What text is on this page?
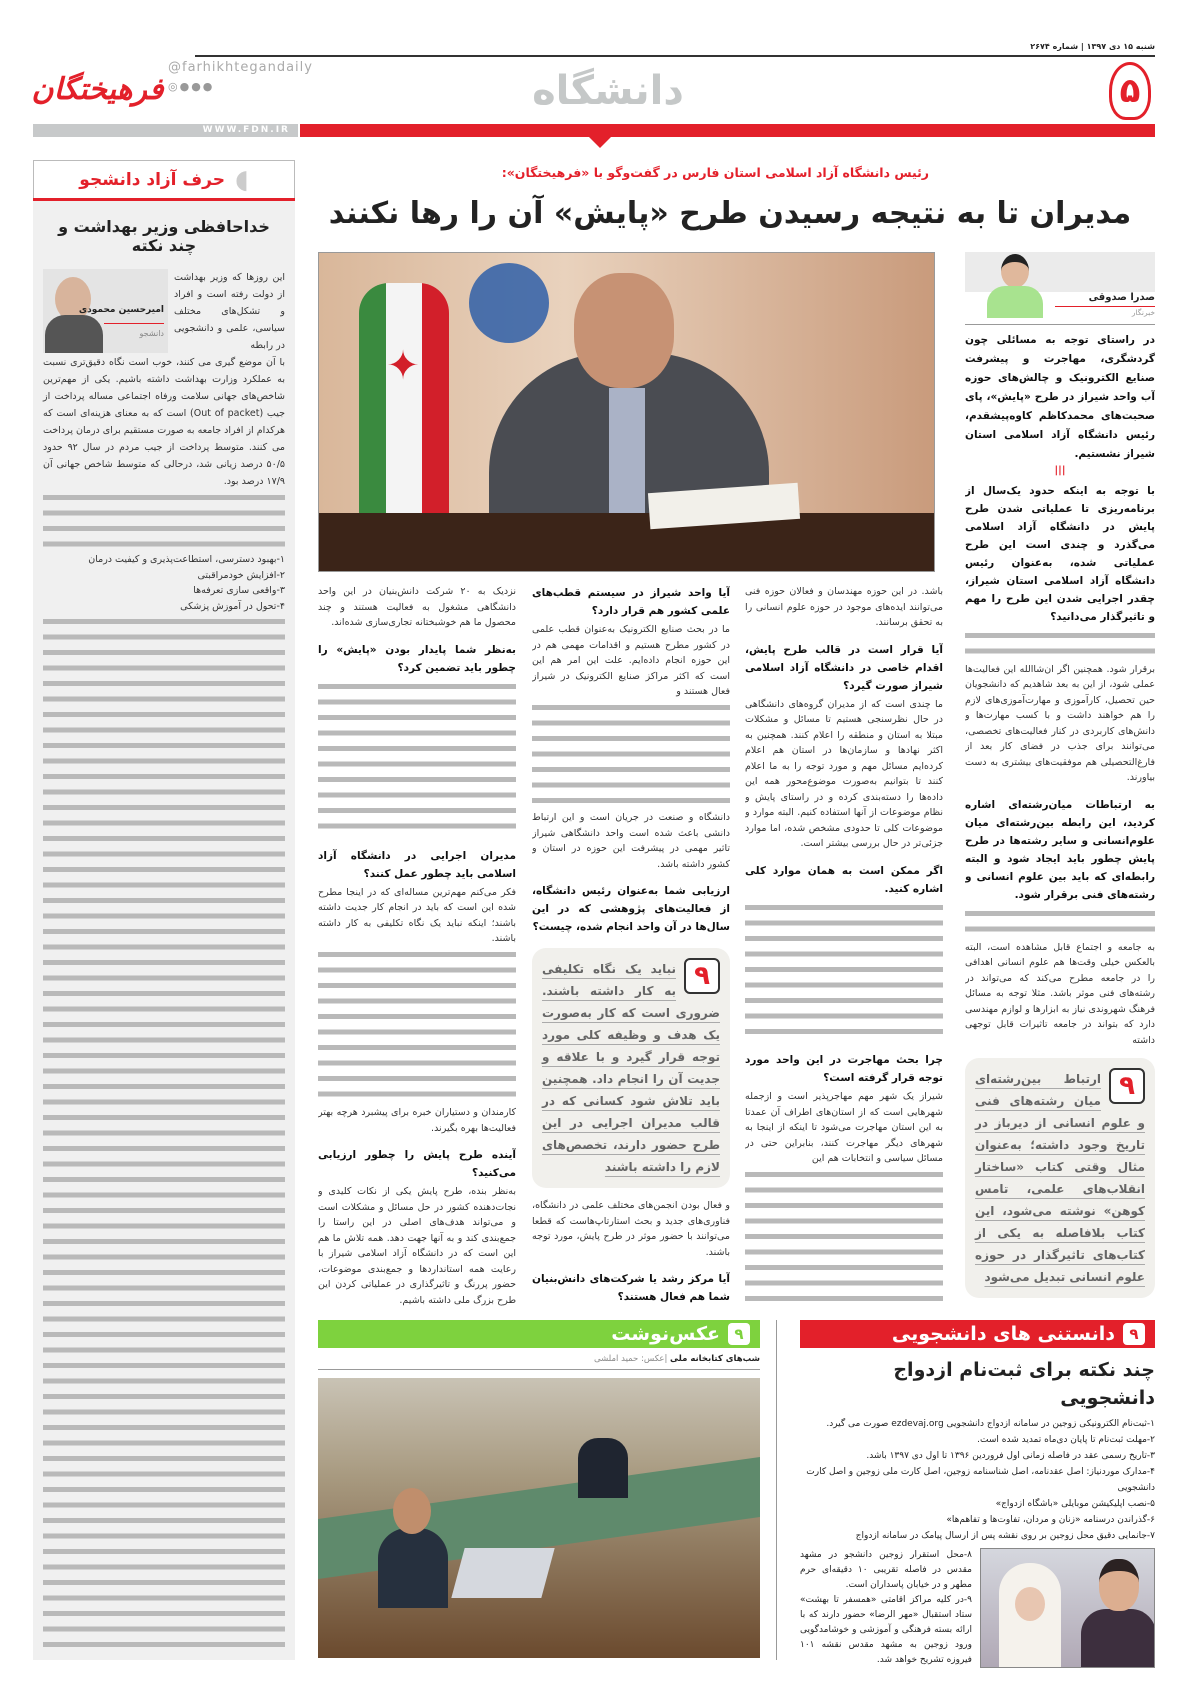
شنبه ۱۵ دی ۱۳۹۷ | شماره ۲۶۷۴
فرهیختگان
@farhikhtegandaily
◎●●●	دانشگاه	۵
WWW.FDN.IR
◖
حرف آزاد دانشجو
خداحافظی وزیر بهداشت و چند نکته
این روزها که وزیر بهداشت از دولت رفته است و افراد و تشکل‌های مختلف سیاسی، علمی و دانشجویی در رابطه
امیرحسین محمودی
دانشجو

با آن موضع گیری می کنند، خوب است نگاه دقیق‌تری نسبت به عملکرد وزارت بهداشت داشته باشیم. یکی از مهم‌ترین شاخص‌های جهانی سلامت ورفاه اجتماعی مساله پرداخت از جیب (Out of packet) است که به معنای هزینه‌ای است که هرکدام از افراد جامعه به صورت مستقیم برای درمان پرداخت می کنند. متوسط پرداخت از جیب مردم در سال ۹۲ حدود ۵۰/۵ درصد زیانی شد، درحالی که متوسط شاخص جهانی آن ۱۷/۹ درصد بود.

۱-بهبود دسترسی، استطاعت‌پذیری و کیفیت درمان
۲-افزایش خودمراقبتی
۳-واقعی سازی تعرفه‌ها
۴-تحول در آموزش پزشکی
رئیس دانشگاه آزاد اسلامی استان فارس در گفت‌وگو با «فرهیختگان»:
مدیران تا به نتیجه رسیدن طرح «پایش» آن را رها نکنند
✦
صدرا صدوقی
خبرنگار

در راستای توجه به مسائلی چون گردشگری، مهاجرت و پیشرفت صنایع الکترونیک و چالش‌های حوزه آب واحد شیراز در طرح «پایش»، پای صحبت‌های محمدکاظم کاوه‌پیشقدم، رئیس دانشگاه آزاد اسلامی استان شیراز نشستیم.

|||
با توجه به اینکه حدود یک‌سال از برنامه‌ریزی تا عملیاتی شدن طرح پایش در دانشگاه آزاد اسلامی می‌گذرد و چندی است این طرح عملیاتی شده، به‌عنوان رئیس دانشگاه آزاد اسلامی استان شیراز، چقدر اجرایی شدن این طرح را مهم و تاثیرگذار می‌دانید؟

برقرار شود. همچنین اگر ان‌شاالله این فعالیت‌ها عملی شود، از این به بعد شاهدیم که دانشجویان حین تحصیل، کارآموزی و مهارت‌آموزی‌های لازم را هم خواهند داشت و با کسب مهارت‌ها و دانش‌های کاربردی در کنار فعالیت‌های تخصصی، می‌توانند برای جذب در فضای کار بعد از فارغ‌التحصیلی هم موفقیت‌های بیشتری به دست بیاورند.

به ارتباطات میان‌رشته‌ای اشاره کردید، این رابطه بین‌رشته‌ای میان علوم‌انسانی و سایر رشته‌ها در طرح پایش چطور باید ایجاد شود و البته رابطه‌ای که باید بین علوم انسانی و رشته‌های فنی برقرار شود.

به جامعه و اجتماع قابل مشاهده است، البته بالعکس خیلی وقت‌ها هم علوم انسانی اهدافی را در جامعه مطرح می‌کند که می‌تواند در رشته‌های فنی موثر باشد. مثلا توجه به مسائل فرهنگ شهروندی نیاز به ابزارها و لوازم مهندسی دارد که بتواند در جامعه تاثیرات قابل توجهی داشته

٩
ارتباط بین‌رشته‌ای میان رشته‌های فنی و علوم انسانی از دیرباز در تاریخ وجود داشته؛ به‌عنوان مثال وقتی کتاب «ساختار انقلاب‌های علمی، تامس کوهن» نوشته می‌شود، این کتاب بلافاصله به یکی از کتاب‌های تاثیرگذار در حوزه علوم انسانی تبدیل می‌شود

باشد. در این حوزه مهندسان و فعالان حوزه فنی می‌توانند ایده‌های موجود در حوزه علوم انسانی را به تحقق برسانند.

آیا قرار است در قالب طرح پایش، اقدام خاصی در دانشگاه آزاد اسلامی شیراز صورت گیرد؟

ما چندی است که از مدیران گروه‌های دانشگاهی در حال نظرسنجی هستیم تا مسائل و مشکلات مبتلا به استان و منطقه را اعلام کنند. همچنین به اکثر نهادها و سازمان‌ها در استان هم اعلام کرده‌ایم مسائل مهم و مورد توجه را به ما اعلام کنند تا بتوانیم به‌صورت موضوع‌محور همه این داده‌ها را دسته‌بندی کرده و در راستای پایش و نظام موضوعات از آنها استفاده کنیم. البته موارد و موضوعات کلی تا حدودی مشخص شده، اما موارد جزئی‌تر در حال بررسی بیشتر است.

اگر ممکن است به همان موارد کلی اشاره کنید.
چرا بحث مهاجرت در این واحد مورد توجه قرار گرفته است؟

شیراز یک شهر مهم مهاجرپذیر است و ازجمله شهرهایی است که از استان‌های اطراف آن عمدتا به این استان مهاجرت می‌شود تا اینکه از اینجا به شهرهای دیگر مهاجرت کنند، بنابراین حتی در مسائل سیاسی و انتخابات هم این

آیا واحد شیراز در سیستم قطب‌های علمی کشور هم قرار دارد؟

ما در بحث صنایع الکترونیک به‌عنوان قطب علمی در کشور مطرح هستیم و اقدامات مهمی هم در این حوزه انجام داده‌ایم. علت این امر هم این است که اکثر مراکز صنایع الکترونیک در شیراز فعال هستند و

دانشگاه و صنعت در جریان است و این ارتباط دانشی باعث شده است واحد دانشگاهی شیراز تاثیر مهمی در پیشرفت این حوزه در استان و کشور داشته باشد.

ارزیابی شما به‌عنوان رئیس دانشگاه، از فعالیت‌های پژوهشی که در این سال‌ها در آن واحد انجام شده، چیست؟
٩
نباید یک نگاه تکلیفی به کار داشته باشند. ضروری است که کار به‌صورت یک هدف و وظیفه کلی مورد توجه قرار گیرد و با علاقه و جدیت آن را انجام داد. همچنین باید تلاش شود کسانی که در قالب مدیران اجرایی در این طرح حضور دارند، تخصص‌های لازم را داشته باشند

و فعال بودن انجمن‌های مختلف علمی در دانشگاه، فناوری‌های جدید و بحث استارتاپ‌هاست که قطعا می‌توانند با حضور موثر در طرح پایش، مورد توجه باشند.

آیا مرکز رشد یا شرکت‌های دانش‌بنیان شما هم فعال هستند؟

نزدیک به ۲۰ شرکت دانش‌بنیان در این واحد دانشگاهی مشغول به فعالیت هستند و چند محصول ما هم خوشبختانه تجاری‌سازی شده‌اند.

به‌نظر شما پایدار بودن «پایش» را چطور باید تضمین کرد؟
مدیران اجرایی در دانشگاه آزاد اسلامی باید چطور عمل کنند؟

فکر می‌کنم مهم‌ترین مساله‌ای که در اینجا مطرح شده این است که باید در انجام کار جدیت داشته باشند؛ اینکه نباید یک نگاه تکلیفی به کار داشته باشند.

کارمندان و دستیاران خبره برای پیشبرد هرچه بهتر فعالیت‌ها بهره بگیرند.

آینده طرح پایش را چطور ارزیابی می‌کنید؟

به‌نظر بنده، طرح پایش یکی از نکات کلیدی و نجات‌دهنده کشور در حل مسائل و مشکلات است و می‌تواند هدف‌های اصلی در این راستا را جمع‌بندی کند و به آنها جهت دهد. همه تلاش ما هم این است که در دانشگاه آزاد اسلامی شیراز با رعایت همه استانداردها و جمع‌بندی موضوعات، حضور پررنگ و تاثیرگذاری در عملیاتی کردن این طرح بزرگ ملی داشته باشیم.

٩
عکس‌نوشت
شب‌های کتابخانه ملی |عکس: حمید املشی
٩
دانستنی های دانشجویی
چند نکته برای ثبت‌نام ازدواج دانشجویی
۱-ثبت‌نام الکترونیکی زوجین در سامانه ازدواج دانشجویی ezdevaj.org صورت می گیرد.
۲-مهلت ثبت‌نام تا پایان دی‌ماه تمدید شده است.
۳-تاریخ رسمی عقد در فاصله زمانی اول فروردین ۱۳۹۶ تا اول دی ۱۳۹۷ باشد.
۴-مدارک موردنیاز: اصل عقدنامه، اصل شناسنامه زوجین، اصل کارت ملی زوجین و اصل کارت دانشجویی
۵-نصب اپلیکیشن موبایلی «باشگاه ازدواج»
۶-گذراندن درسنامه «زنان و مردان، تفاوت‌ها و تفاهم‌ها»
۷-جانمایی دقیق محل زوجین بر روی نقشه پس از ارسال پیامک در سامانه ازدواج
۸-محل استقرار زوجین دانشجو در مشهد مقدس در فاصله تقریبی ۱۰ دقیقه‌ای حرم مطهر و در خیابان پاسداران است.
۹-در کلیه مراکز اقامتی «همسفر تا بهشت» ستاد استقبال «مهر الرضا» حضور دارند که با ارائه بسته فرهنگی و آموزشی و خوشامدگویی ورود زوجین به مشهد مقدس نقشه ۱۰۱ فیروزه تشریح خواهد شد.
